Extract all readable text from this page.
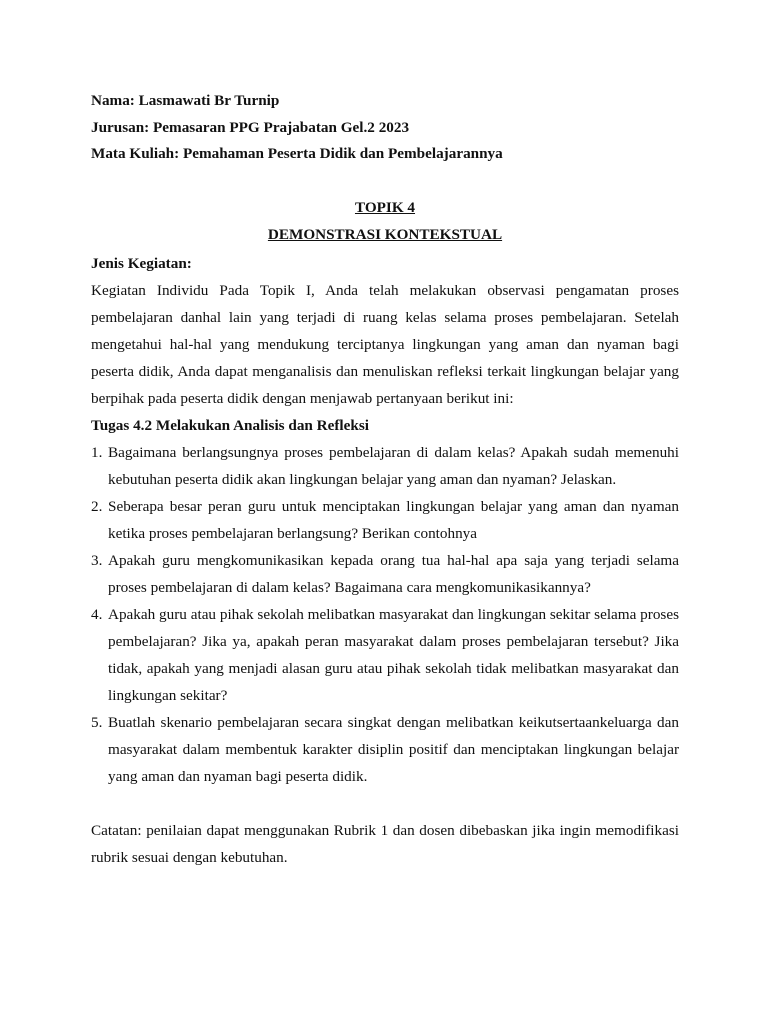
Nama: Lasmawati Br Turnip
Jurusan: Pemasaran PPG Prajabatan Gel.2 2023
Mata Kuliah: Pemahaman Peserta Didik dan Pembelajarannya
TOPIK 4
DEMONSTRASI KONTEKSTUAL
Jenis Kegiatan:
Kegiatan Individu Pada Topik I, Anda telah melakukan observasi pengamatan proses pembelajaran danhal lain yang terjadi di ruang kelas selama proses pembelajaran. Setelah mengetahui hal-hal yang mendukung terciptanya lingkungan yang aman dan nyaman bagi peserta didik, Anda dapat menganalisis dan menuliskan refleksi terkait lingkungan belajar yang berpihak pada peserta didik dengan menjawab pertanyaan berikut ini:
Tugas 4.2 Melakukan Analisis dan Refleksi
1. Bagaimana berlangsungnya proses pembelajaran di dalam kelas? Apakah sudah memenuhi kebutuhan peserta didik akan lingkungan belajar yang aman dan nyaman? Jelaskan.
2. Seberapa besar peran guru untuk menciptakan lingkungan belajar yang aman dan nyaman ketika proses pembelajaran berlangsung? Berikan contohnya
3. Apakah guru mengkomunikasikan kepada orang tua hal-hal apa saja yang terjadi selama proses pembelajaran di dalam kelas? Bagaimana cara mengkomunikasikannya?
4. Apakah guru atau pihak sekolah melibatkan masyarakat dan lingkungan sekitar selama proses pembelajaran? Jika ya, apakah peran masyarakat dalam proses pembelajaran tersebut? Jika tidak, apakah yang menjadi alasan guru atau pihak sekolah tidak melibatkan masyarakat dan lingkungan sekitar?
5. Buatlah skenario pembelajaran secara singkat dengan melibatkan keikutsertaankeluarga dan masyarakat dalam membentuk karakter disiplin positif dan menciptakan lingkungan belajar yang aman dan nyaman bagi peserta didik.
Catatan: penilaian dapat menggunakan Rubrik 1 dan dosen dibebaskan jika ingin memodifikasi rubrik sesuai dengan kebutuhan.
